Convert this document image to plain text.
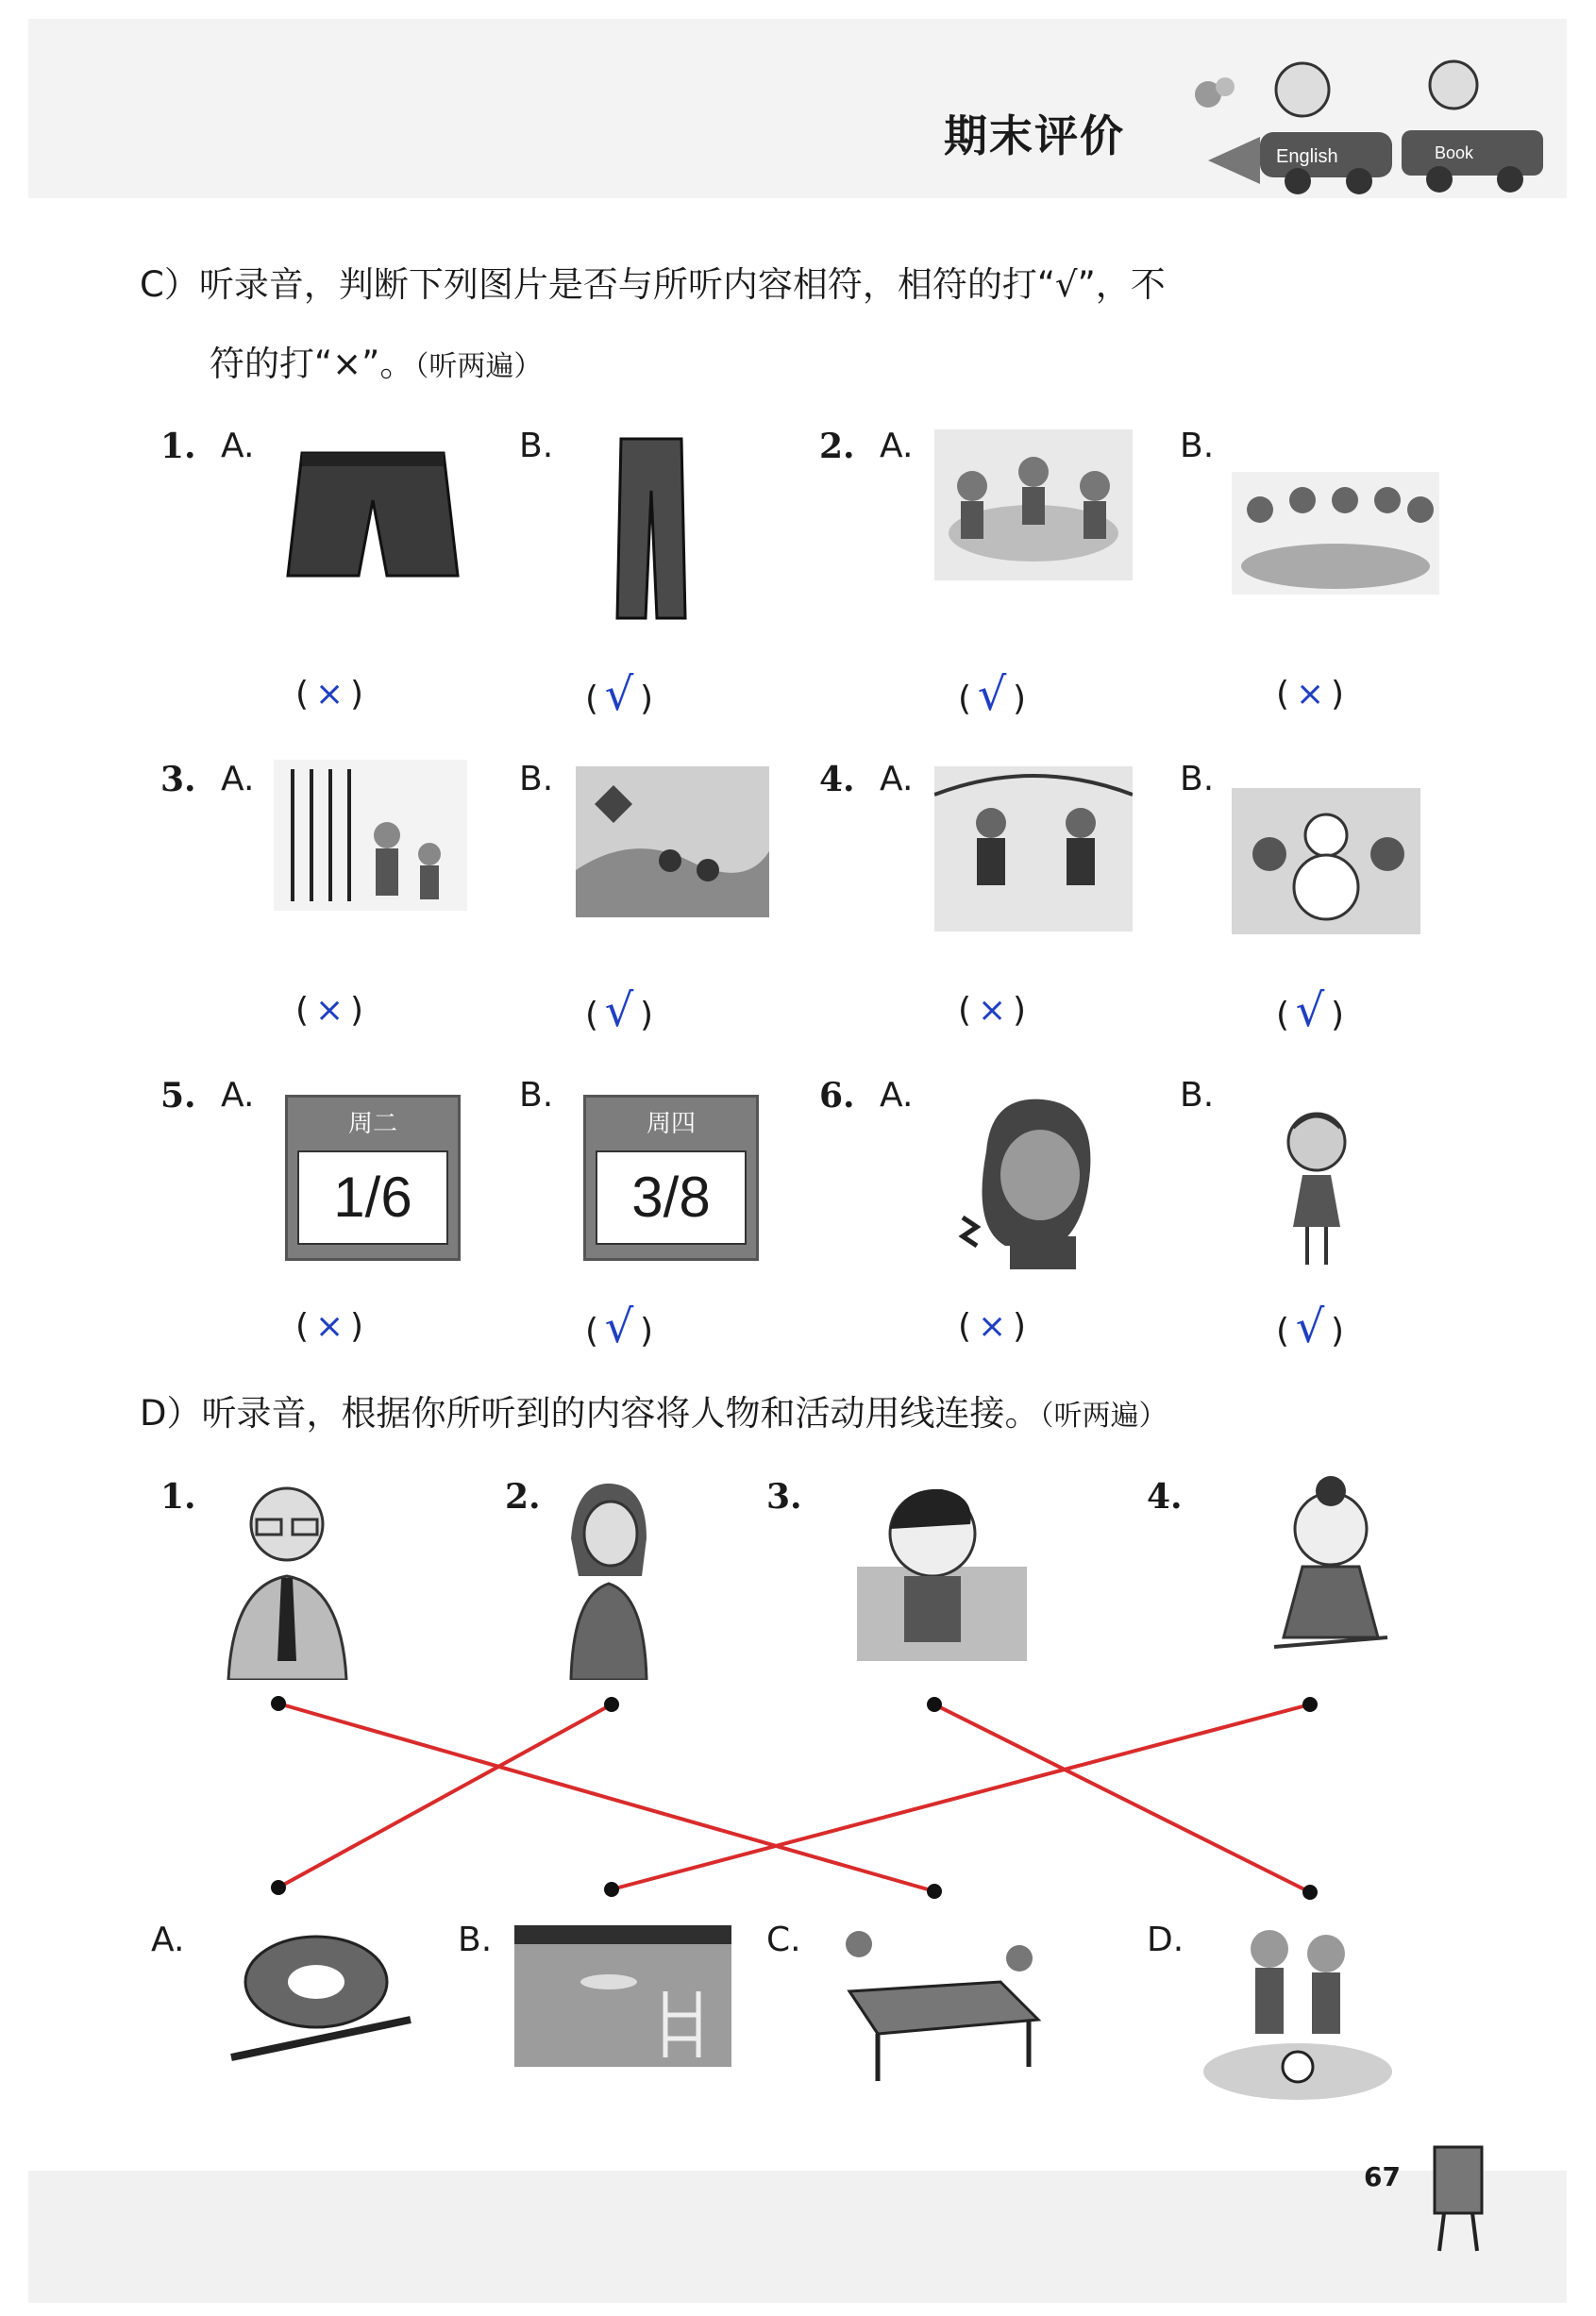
期末评价	English	Book
C）听录音，判断下列图片是否与所听内容相符，相符的打“√”，不
符的打“×”。（听两遍）
1. A.	B.	2. A.	B.
( × )	( √ )	( √ )	( × )
3. A.	B.	4. A.	B.
( × )	( √ )	( × )	( √ )
5. A.	B.	6. A.	B.
周二
1/6
周四
3/8
( × )	( √ )	( × )	( √ )
D）听录音，根据你所听到的内容将人物和活动用线连接。（听两遍）
1.	2.	3.	4.
A.	B.	C.	D.
67
